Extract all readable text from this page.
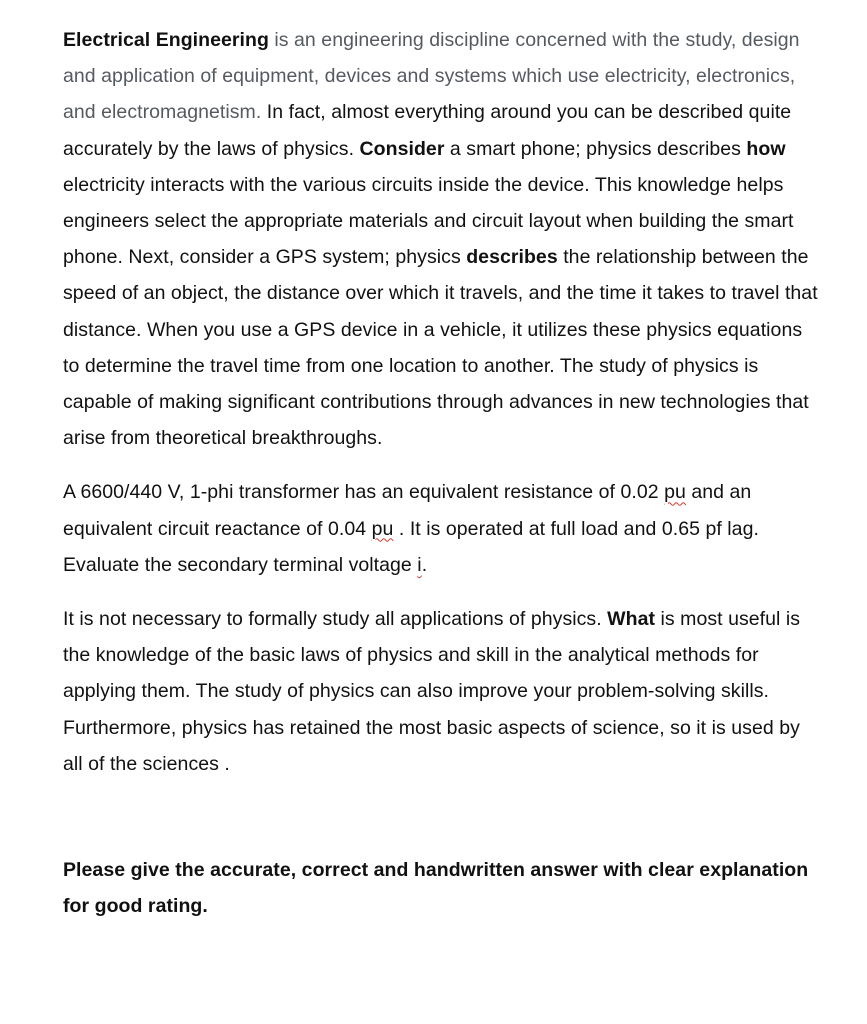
Electrical Engineering is an engineering discipline concerned with the study, design and application of equipment, devices and systems which use electricity, electronics, and electromagnetism. In fact, almost everything around you can be described quite accurately by the laws of physics. Consider a smart phone; physics describes how electricity interacts with the various circuits inside the device. This knowledge helps engineers select the appropriate materials and circuit layout when building the smart phone. Next, consider a GPS system; physics describes the relationship between the speed of an object, the distance over which it travels, and the time it takes to travel that distance. When you use a GPS device in a vehicle, it utilizes these physics equations to determine the travel time from one location to another. The study of physics is capable of making significant contributions through advances in new technologies that arise from theoretical breakthroughs.

A 6600/440 V, 1-phi transformer has an equivalent resistance of 0.02 pu and an equivalent circuit reactance of 0.04 pu . It is operated at full load and 0.65 pf lag. Evaluate the secondary terminal voltage i.

It is not necessary to formally study all applications of physics. What is most useful is the knowledge of the basic laws of physics and skill in the analytical methods for applying them. The study of physics can also improve your problem-solving skills. Furthermore, physics has retained the most basic aspects of science, so it is used by all of the sciences .

Please give the accurate, correct and handwritten answer with clear explanation for good rating.
